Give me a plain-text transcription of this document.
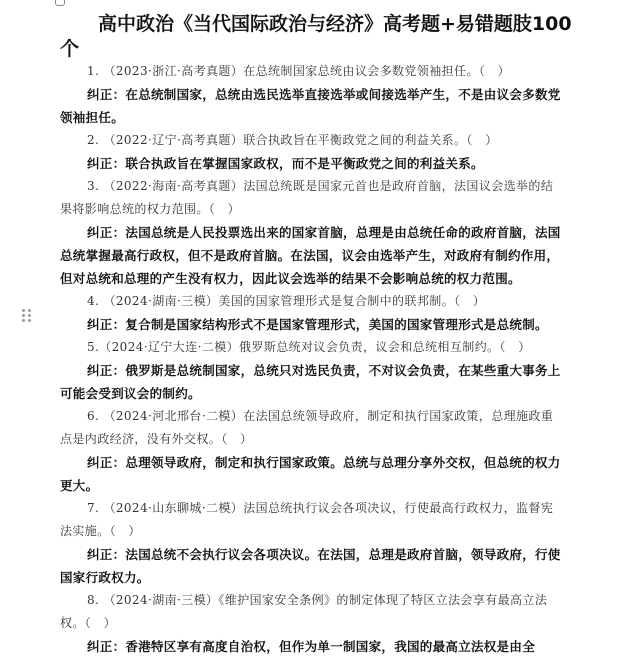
高中政治《当代国际政治与经济》高考题+易错题肢100 个

1. （2023·浙江·高考真题）在总统制国家总统由议会多数党领袖担任。（　）

纠正：在总统制国家，总统由选民选举直接选举或间接选举产生，不是由议会多数党领袖担任。

2. （2022·辽宁·高考真题）联合执政旨在平衡政党之间的利益关系。（　）

纠正：联合执政旨在掌握国家政权，而不是平衡政党之间的利益关系。

3. （2022·海南·高考真题）法国总统既是国家元首也是政府首脑，法国议会选举的结果将影响总统的权力范围。（　）

纠正：法国总统是人民投票选出来的国家首脑，总理是由总统任命的政府首脑，法国总统掌握最高行政权，但不是政府首脑。在法国，议会由选举产生，对政府有制约作用，但对总统和总理的产生没有权力，因此议会选举的结果不会影响总统的权力范围。

4. （2024·湖南·三模）美国的国家管理形式是复合制中的联邦制。（　）

纠正：复合制是国家结构形式不是国家管理形式，美国的国家管理形式是总统制。

5.（2024·辽宁大连·二模）俄罗斯总统对议会负责，议会和总统相互制约。（　）

纠正：俄罗斯是总统制国家，总统只对选民负责，不对议会负责，在某些重大事务上可能会受到议会的制约。

6. （2024·河北邢台·二模）在法国总统领导政府，制定和执行国家政策，总理施政重点是内政经济，没有外交权。（　）

纠正：总理领导政府，制定和执行国家政策。总统与总理分享外交权，但总统的权力更大。

7. （2024·山东聊城·二模）法国总统执行议会各项决议，行使最高行政权力，监督宪法实施。（　）

纠正：法国总统不会执行议会各项决议。在法国，总理是政府首脑，领导政府，行使国家行政权力。

8. （2024·湖南·三模）《维护国家安全条例》的制定体现了特区立法会享有最高立法权。（　）

纠正：香港特区享有高度自治权，但作为单一制国家，我国的最高立法权是由全
